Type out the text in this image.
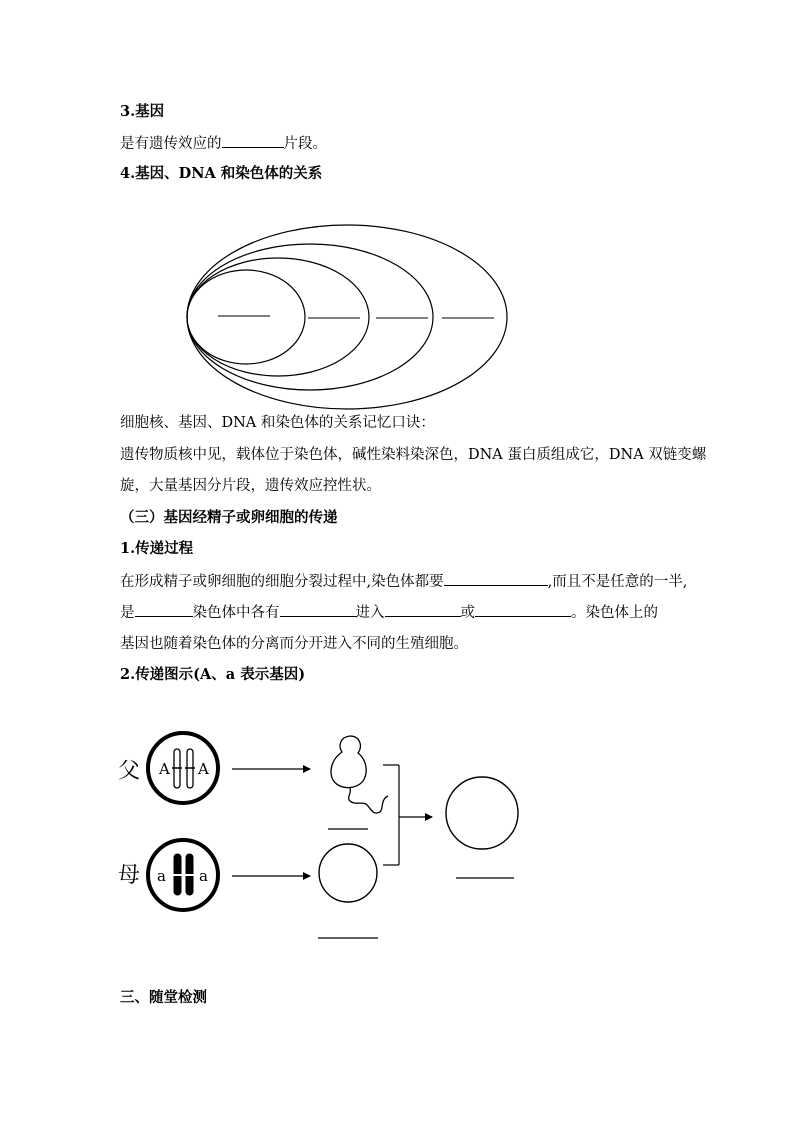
3.基因
是有遗传效应的	片段。
4.基因、DNA 和染色体的关系
细胞核、基因、DNA 和染色体的关系记忆口诀：
遗传物质核中见，载体位于染色体，碱性染料染深色，DNA 蛋白质组成它，DNA 双链变螺
旋，大量基因分片段，遗传效应控性状。
（三）基因经精子或卵细胞的传递
1.传递过程
在形成精子或卵细胞的细胞分裂过程中,染色体都要	,而且不是任意的一半,
是	染色体中各有	进入	或	。染色体上的
基因也随着染色体的分离而分开进入不同的生殖细胞。
2.传递图示(A、a 表示基因)
父 A A
母 a a
三、随堂检测
